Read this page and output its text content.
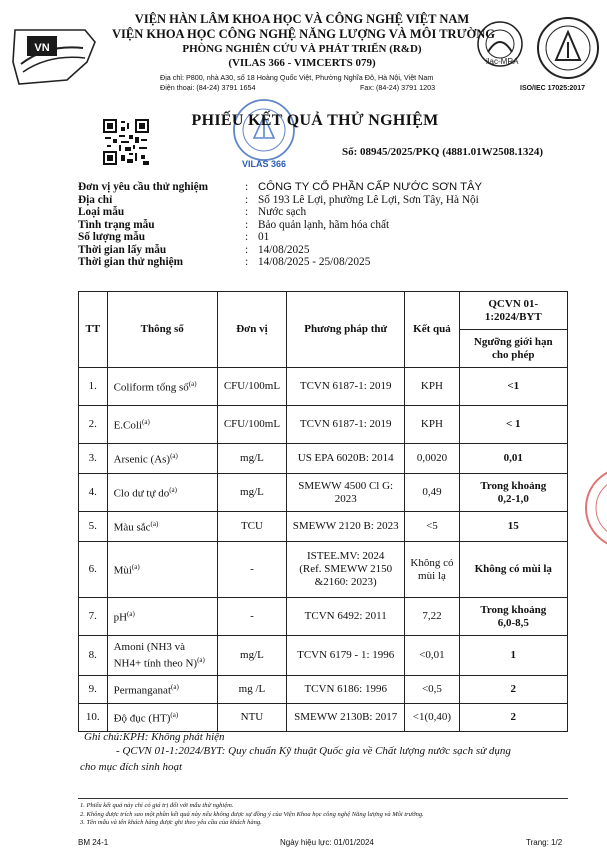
VN
VIỆN HÀN LÂM KHOA HỌC VÀ CÔNG NGHỆ VIỆT NAM
VIỆN KHOA HỌC CÔNG NGHỆ NĂNG LƯỢNG VÀ MÔI TRƯỜNG
PHÒNG NGHIÊN CỨU VÀ PHÁT TRIỂN (R&D)
(VILAS 366 - VIMCERTS 079)
Địa chỉ: P800, nhà A30, số 18 Hoàng Quốc Việt, Phường Nghĩa Đô, Hà Nội, Việt Nam
Điện thoại: (84-24) 3791 1654	Fax: (84-24) 3791 1203
ilac-MRA
ISO/IEC 17025:2017
VILAS 366
PHIẾU KẾT QUẢ THỬ NGHIỆM
Số: 08945/2025/PKQ (4881.01W2508.1324)
Đơn vị yêu cầu thử nghiệm	: CÔNG TY CỔ PHẦN CẤP NƯỚC SƠN TÂY
Địa chỉ	: Số 193 Lê Lợi, phường Lê Lợi, Sơn Tây, Hà Nội
Loại mẫu	: Nước sạch
Tình trạng mẫu	: Bảo quản lạnh, hãm hóa chất
Số lượng mẫu	: 01
Thời gian lấy mẫu	: 14/08/2025
Thời gian thử nghiệm	: 14/08/2025 - 25/08/2025
TT	Thông số	Đơn vị	Phương pháp thử	Kết quả	QCVN 01-1:2024/BYT
					Ngưỡng giới hạn cho phép
1.	Coliform tổng số$^{(a)}$	CFU/100mL	TCVN 6187-1: 2019	KPH	<1
2.	E.Coli$^{(a)}$	CFU/100mL	TCVN 6187-1: 2019	KPH	< 1
3.	Arsenic $(As)^{(a)}$	mg/L	US EPA 6020B: 2014	0,0020	0,01
4.	Clo dư tự $do^{(a)}$	mg/L	SMEWW 4500 Cl G: 2023	0,49	Trong khoảng 0,2-1,0
5.	Màu sắc$^{(a)}$	TCU	SMEWW 2120 B: 2023	<5	15
6.	Mùi$^{(a)}$	-	ISTEE.MV: 2024 (Ref. SMEWW 2150 &2160: 2023)	Không có mùi lạ	Không có mùi lạ
7.	$pH^{(a)}$	-	TCVN 6492: 2011	7,22	Trong khoảng 6,0-8,5
8.	Amoni (NH3 và NH4+ tính theo N)$^{(a)}$	mg/L	TCVN 6179 - 1: 1996	<0,01	1
9.	Permanganat$^{(a)}$	mg /L	TCVN 6186: 1996	<0,5	2
10.	Độ đục (HT)$^{(a)}$	NTU	SMEWW 2130B: 2017	<1(0,40)	2
Ghi chú:KPH: Không phát hiện
- QCVN 01-1:2024/BYT: Quy chuẩn Kỹ thuật Quốc gia về Chất lượng nước sạch sử dụng
cho mục đích sinh hoạt
1. Phiếu kết quả này chỉ có giá trị đối với mẫu thử nghiệm.
2. Không được trích sao một phần kết quả này nếu không được sự đồng ý của Viện Khoa học công nghệ Năng lượng và Môi trường.
3. Tên mẫu và tên khách hàng được ghi theo yêu cầu của khách hàng.
BM 24-1	Ngày hiệu lực: 01/01/2024	Trang: 1/2
